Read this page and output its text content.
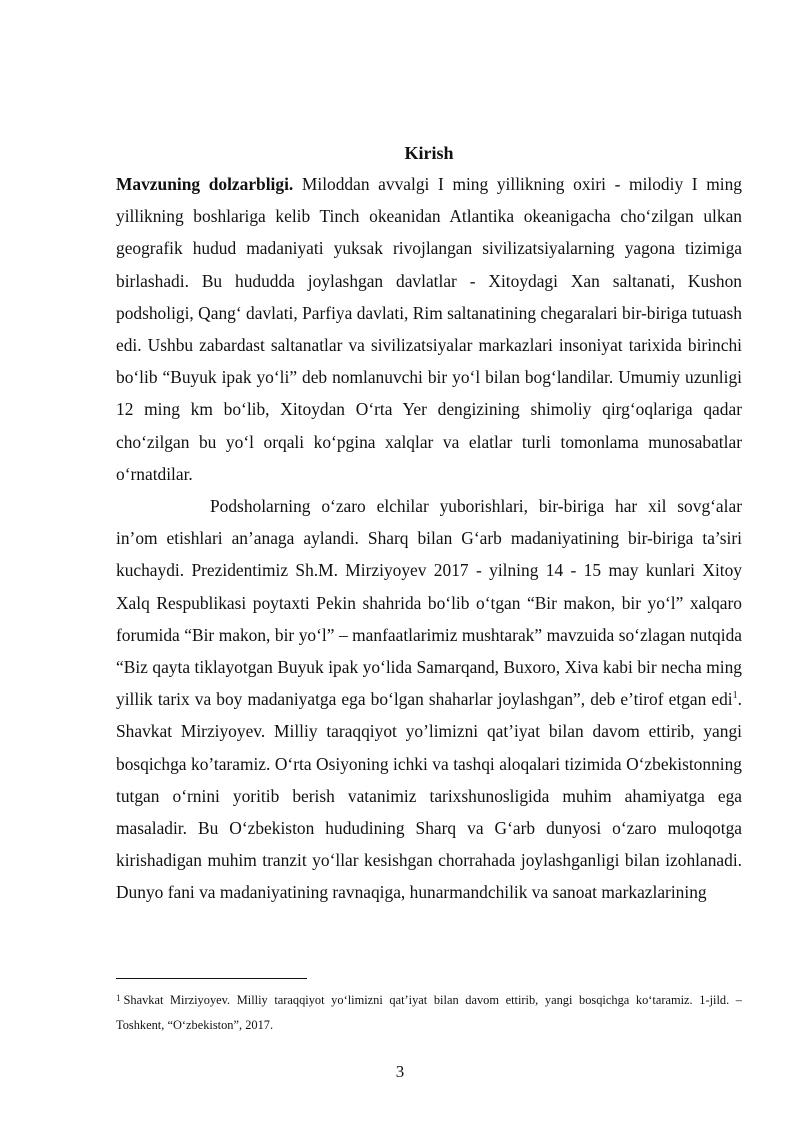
Kirish

Mavzuning dolzarbligi. Miloddan avvalgi I ming yillikning oxiri - milodiy I ming yillikning boshlariga kelib Tinch okeanidan Atlantika okeanigacha cho‘zilgan ulkan geografik hudud madaniyati yuksak rivojlangan sivilizatsiyalarning yagona tizimiga birlashadi. Bu hududda joylashgan davlatlar - Xitoydagi Xan saltanati, Kushon podsholigi, Qang‘ davlati, Parfiya davlati, Rim saltanatining chegaralari bir-biriga tutuash edi. Ushbu zabardast saltanatlar va sivilizatsiyalar markazlari insoniyat tarixida birinchi bo‘lib “Buyuk ipak yo‘li” deb nomlanuvchi bir yo‘l bilan bog‘landilar. Umumiy uzunligi 12 ming km bo‘lib, Xitoydan O‘rta Yer dengizining shimoliy qirg‘oqlariga qadar cho‘zilgan bu yo‘l orqali ko‘pgina xalqlar va elatlar turli tomonlama munosabatlar o‘rnatdilar.

Podsholarning o‘zaro elchilar yuborishlari, bir-biriga har xil sovg‘alar in’om etishlari an’anaga aylandi. Sharq bilan G‘arb madaniyatining bir-biriga ta’siri kuchaydi. Prezidentimiz Sh.M. Mirziyoyev 2017 - yilning 14 - 15 may kunlari Xitoy Xalq Respublikasi poytaxti Pekin shahrida bo‘lib o‘tgan “Bir makon, bir yo‘l” xalqaro forumida “Bir makon, bir yo‘l” – manfaatlarimiz mushtarak” mavzuida so‘zlagan nutqida “Biz qayta tiklayotgan Buyuk ipak yo‘lida Samarqand, Buxoro, Xiva kabi bir necha ming yillik tarix va boy madaniyatga ega bo‘lgan shaharlar joylashgan”, deb e’tirof etgan edi$^1$. Shavkat Mirziyoyev. Milliy taraqqiyot yo’limizni qat’iyat bilan davom ettirib, yangi bosqichga ko’taramiz. O‘rta Osiyoning ichki va tashqi aloqalari tizimida O‘zbekistonning tutgan o‘rnini yoritib berish vatanimiz tarixshunosligida muhim ahamiyatga ega masaladir. Bu O‘zbekiston hududining Sharq va G‘arb dunyosi o‘zaro muloqotga kirishadigan muhim tranzit yo‘llar kesishgan chorrahada joylashganligi bilan izohlanadi. Dunyo fani va madaniyatining ravnaqiga, hunarmandchilik va sanoat markazlarining

$^1$ Shavkat Mirziyoyev. Milliy taraqqiyot yo‘limizni qat’iyat bilan davom ettirib, yangi bosqichga ko‘taramiz. 1-jild. – Toshkent, “O‘zbekiston”, 2017.

3
